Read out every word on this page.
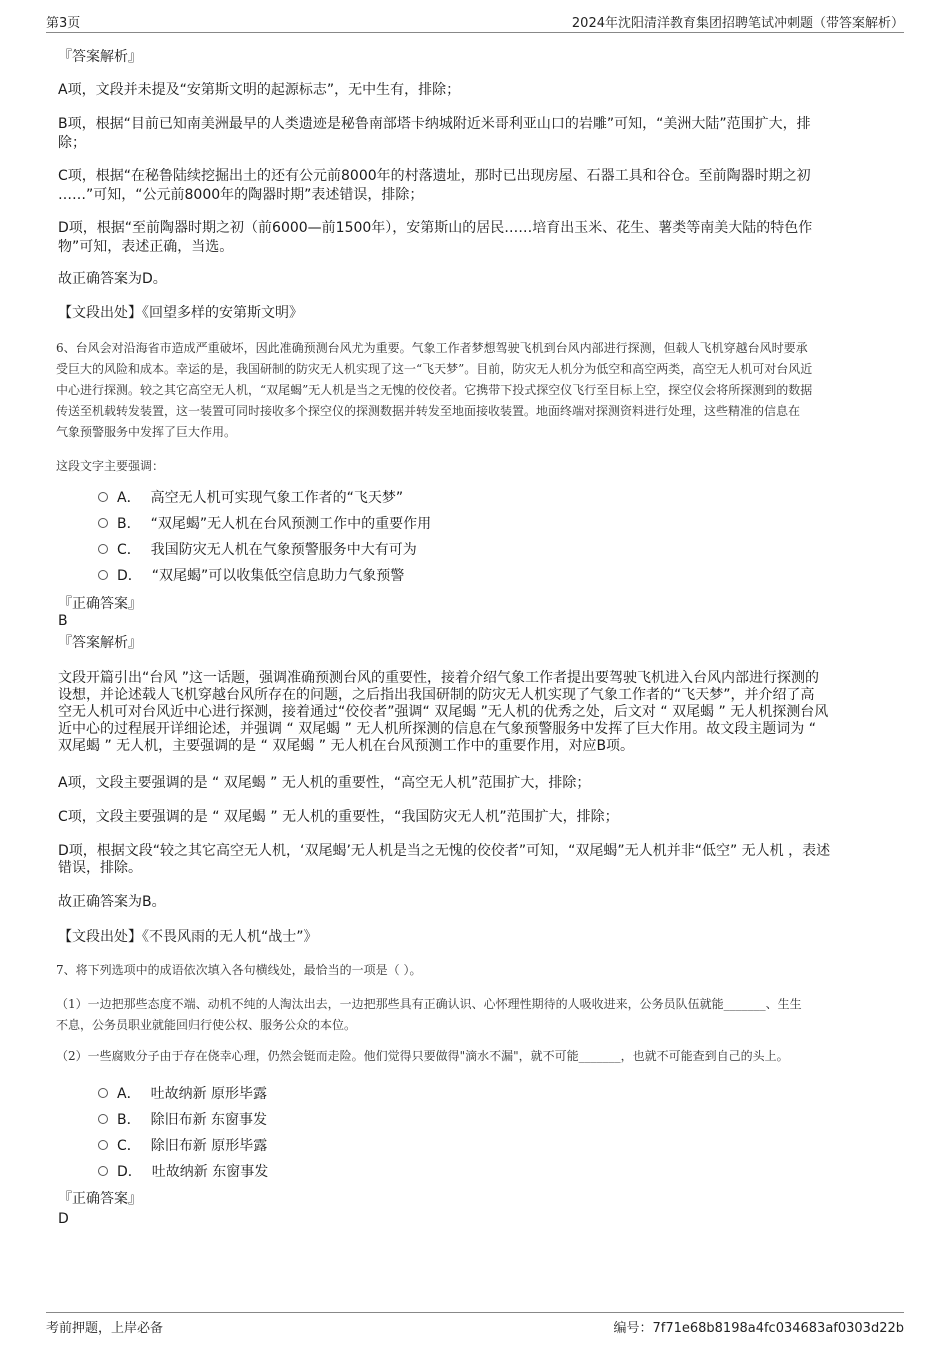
第3页	2024年沈阳清洋教育集团招聘笔试冲刺题（带答案解析）
『答案解析』
A项，文段并未提及“安第斯文明的起源标志”，无中生有，排除；
B项，根据“目前已知南美洲最早的人类遗迹是秘鲁南部塔卡纳城附近米哥利亚山口的岩雕”可知，“美洲大陆”范围扩大，排
除；
C项，根据“在秘鲁陆续挖掘出土的还有公元前8000年的村落遗址，那时已出现房屋、石器工具和谷仓。至前陶器时期之初
……”可知，“公元前8000年的陶器时期”表述错误，排除；
D项，根据“至前陶器时期之初（前6000—前1500年），安第斯山的居民……培育出玉米、花生、薯类等南美大陆的特色作
物”可知，表述正确，当选。
故正确答案为D。
【文段出处】《回望多样的安第斯文明》
6、台风会对沿海省市造成严重破坏，因此准确预测台风尤为重要。气象工作者梦想驾驶飞机到台风内部进行探测，但载人飞机穿越台风时要承
受巨大的风险和成本。幸运的是，我国研制的防灾无人机实现了这一“飞天梦”。目前，防灾无人机分为低空和高空两类，高空无人机可对台风近
中心进行探测。较之其它高空无人机，“双尾蝎”无人机是当之无愧的佼佼者。它携带下投式探空仪飞行至目标上空，探空仪会将所探测到的数据
传送至机载转发装置，这一装置可同时接收多个探空仪的探测数据并转发至地面接收装置。地面终端对探测资料进行处理，这些精准的信息在
气象预警服务中发挥了巨大作用。
这段文字主要强调：
A． 高空无人机可实现气象工作者的“飞天梦”
B． “双尾蝎”无人机在台风预测工作中的重要作用
C． 我国防灾无人机在气象预警服务中大有可为
D． “双尾蝎”可以收集低空信息助力气象预警
『正确答案』
B
『答案解析』
文段开篇引出“台风 ”这一话题，强调准确预测台风的重要性，接着介绍气象工作者提出要驾驶飞机进入台风内部进行探测的
设想，并论述载人飞机穿越台风所存在的问题，之后指出我国研制的防灾无人机实现了气象工作者的“飞天梦”，并介绍了高
空无人机可对台风近中心进行探测，接着通过“佼佼者”强调“ 双尾蝎 ”无人机的优秀之处，后文对 “ 双尾蝎 ” 无人机探测台风
近中心的过程展开详细论述，并强调 “ 双尾蝎 ” 无人机所探测的信息在气象预警服务中发挥了巨大作用。故文段主题词为 “
双尾蝎 ” 无人机，主要强调的是 “ 双尾蝎 ” 无人机在台风预测工作中的重要作用，对应B项。
A项，文段主要强调的是 “ 双尾蝎 ” 无人机的重要性，“高空无人机”范围扩大，排除；
C项，文段主要强调的是 “ 双尾蝎 ” 无人机的重要性，“我国防灾无人机”范围扩大，排除；
D项，根据文段“较之其它高空无人机，‘双尾蝎’无人机是当之无愧的佼佼者”可知，“双尾蝎”无人机并非“低空” 无人机 ，表述
错误，排除。
故正确答案为B。
【文段出处】《不畏风雨的无人机“战士”》
7、将下列选项中的成语依次填入各句横线处，最恰当的一项是（ ）。
（1）一边把那些态度不端、动机不纯的人淘汰出去，一边把那些具有正确认识、心怀理性期待的人吸收进来，公务员队伍就能_______、生生
不息，公务员职业就能回归行使公权、服务公众的本位。
（2）一些腐败分子由于存在侥幸心理，仍然会铤而走险。他们觉得只要做得"滴水不漏"，就不可能_______，也就不可能查到自己的头上。
A． 吐故纳新 原形毕露
B． 除旧布新 东窗事发
C． 除旧布新 原形毕露
D． 吐故纳新 东窗事发
『正确答案』
D
考前押题，上岸必备	编号：7f71e68b8198a4fc034683af0303d22b
